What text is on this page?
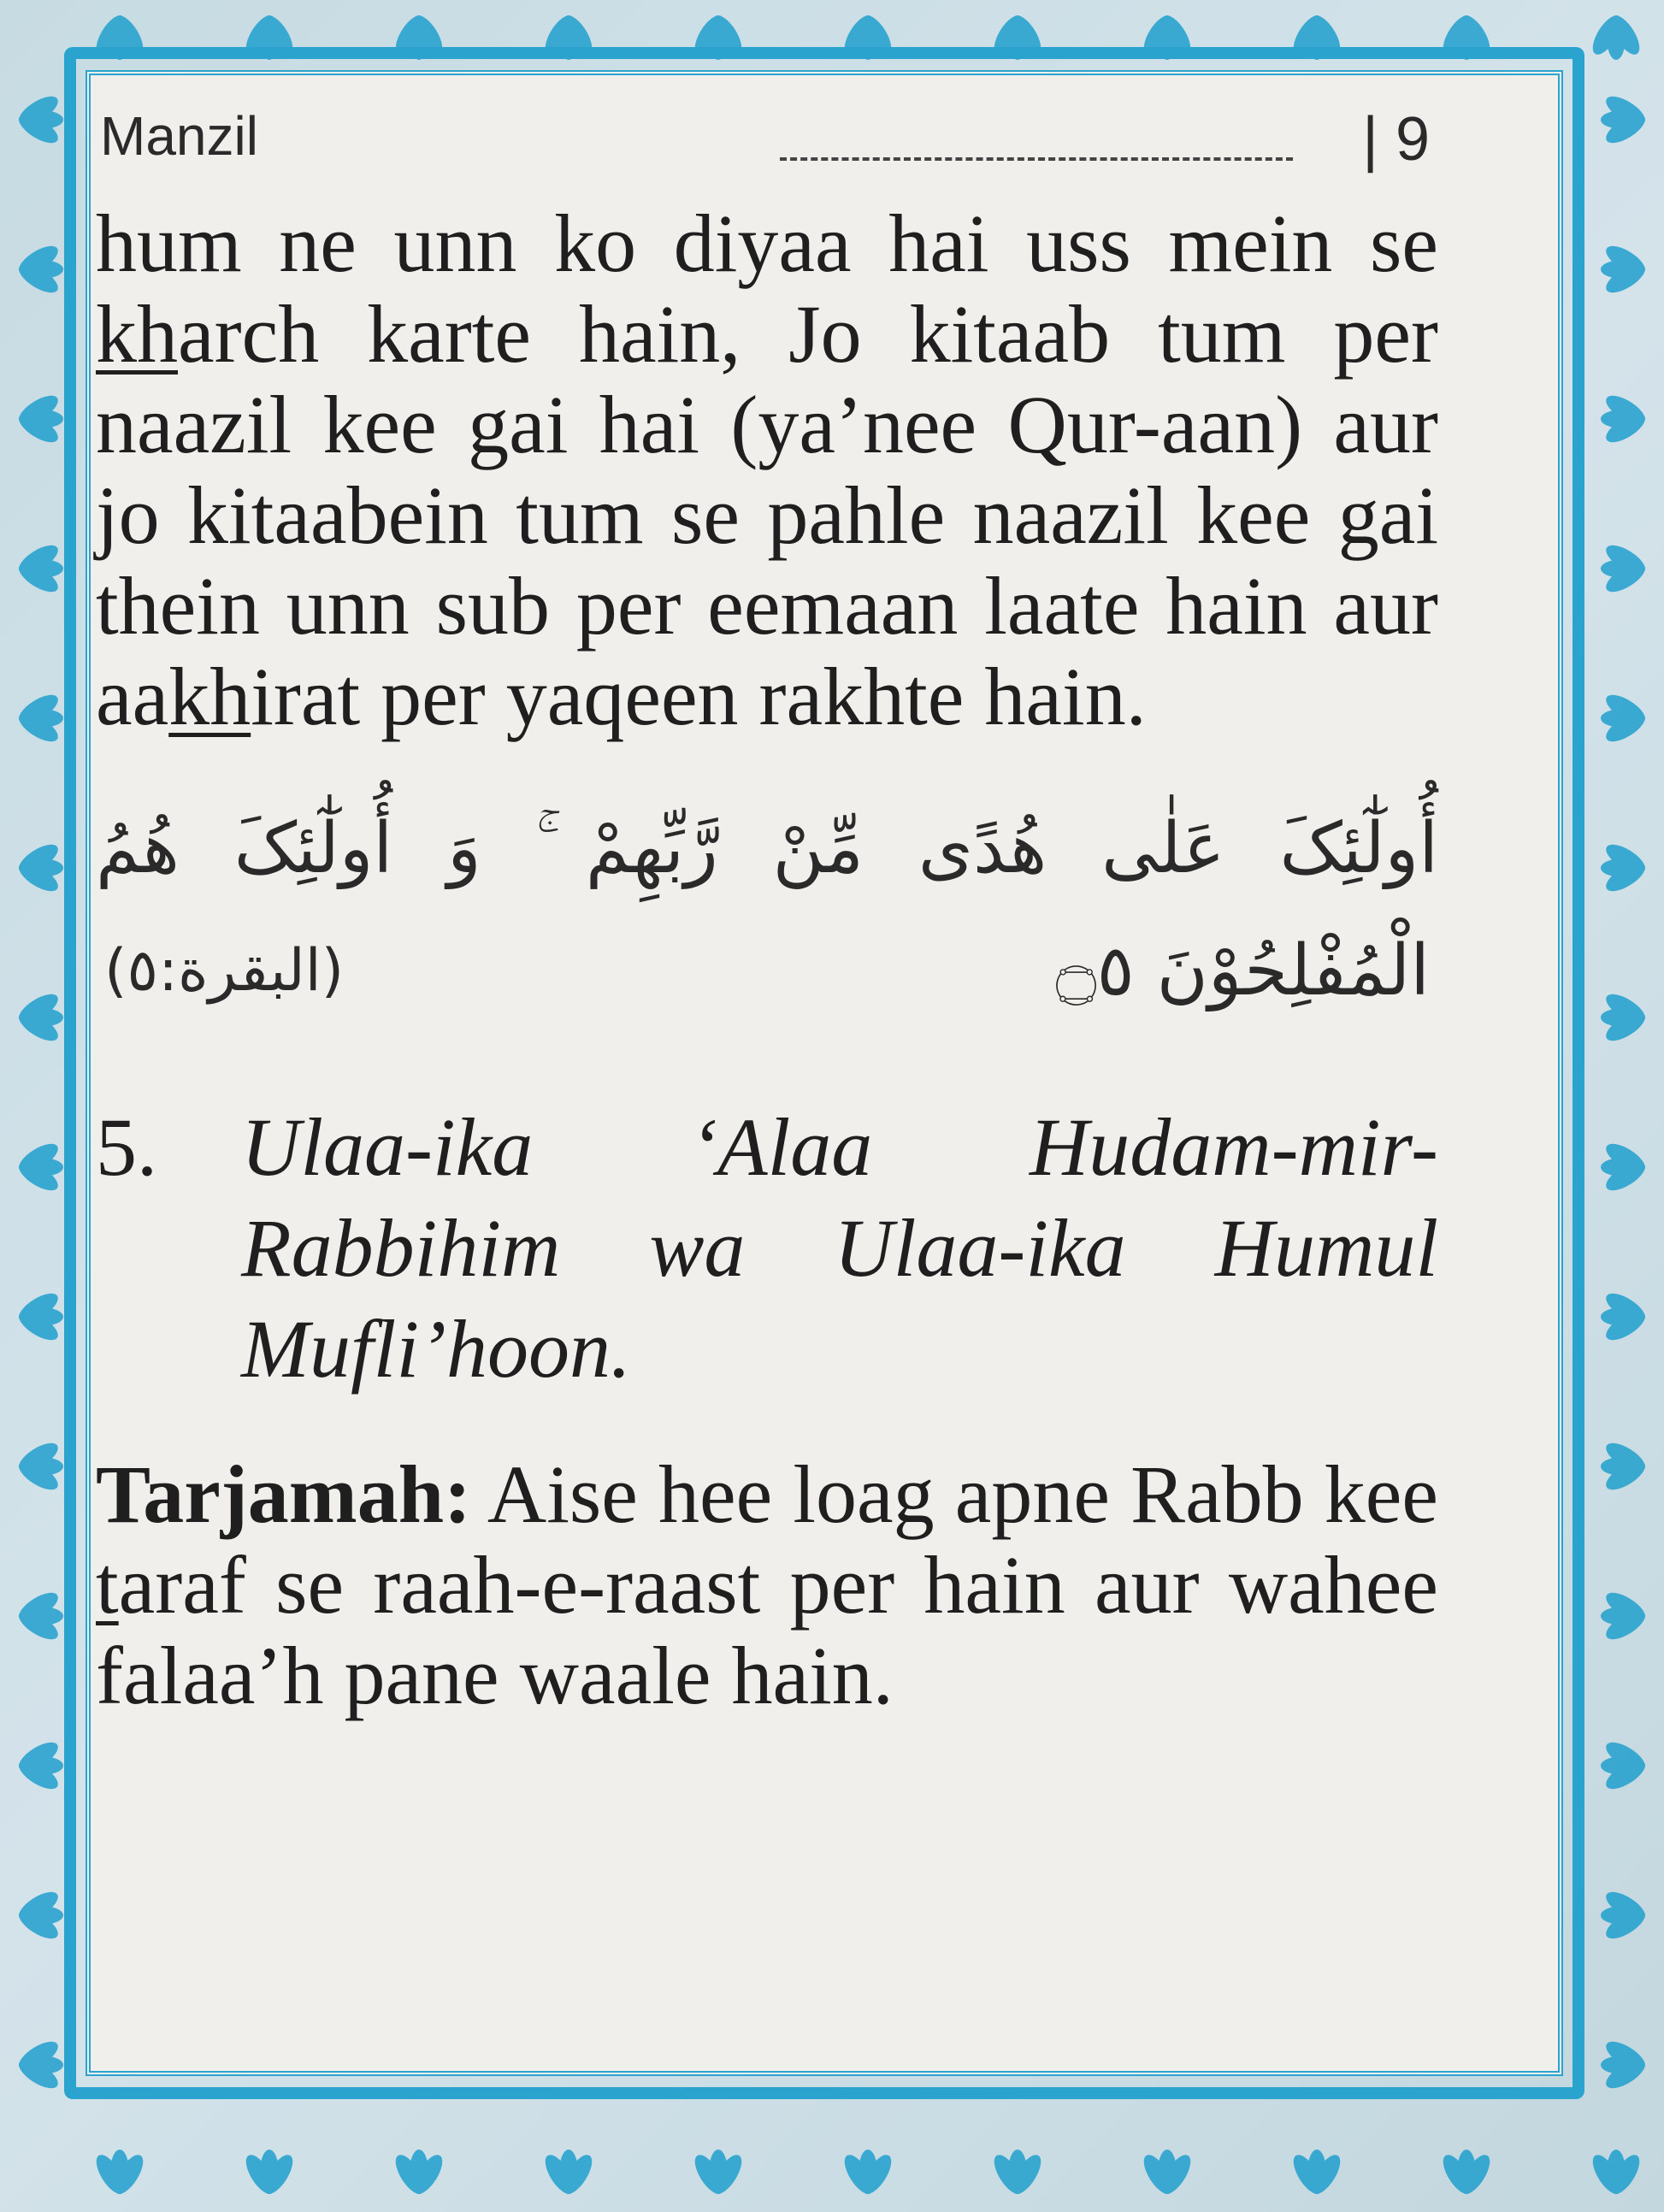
Manzil	| 9

hum ne unn ko diyaa hai uss mein se kharch karte hain, Jo kitaab tum per naazil kee gai hai (ya’nee Qur-aan) aur jo kitaabein tum se pahle naazil kee gai thein unn sub per eemaan laate hain aur aakhirat per yaqeen rakhte hain.

أُولٰٓئِکَ عَلٰی هُدًی مِّنْ رَّبِّهِمْ ۚ وَ أُولٰٓئِکَ هُمُ
الْمُفْلِحُوْنَ ۝٥
(البقرة:٥)
5. Ulaa-ika ‘Alaa Hudam-mir-Rabbihim wa Ulaa-ika Humul Mufli’hoon.

Tarjamah: Aise hee loag apne Rabb kee taraf se raah-e-raast per hain aur wahee falaa’h pane waale hain.
